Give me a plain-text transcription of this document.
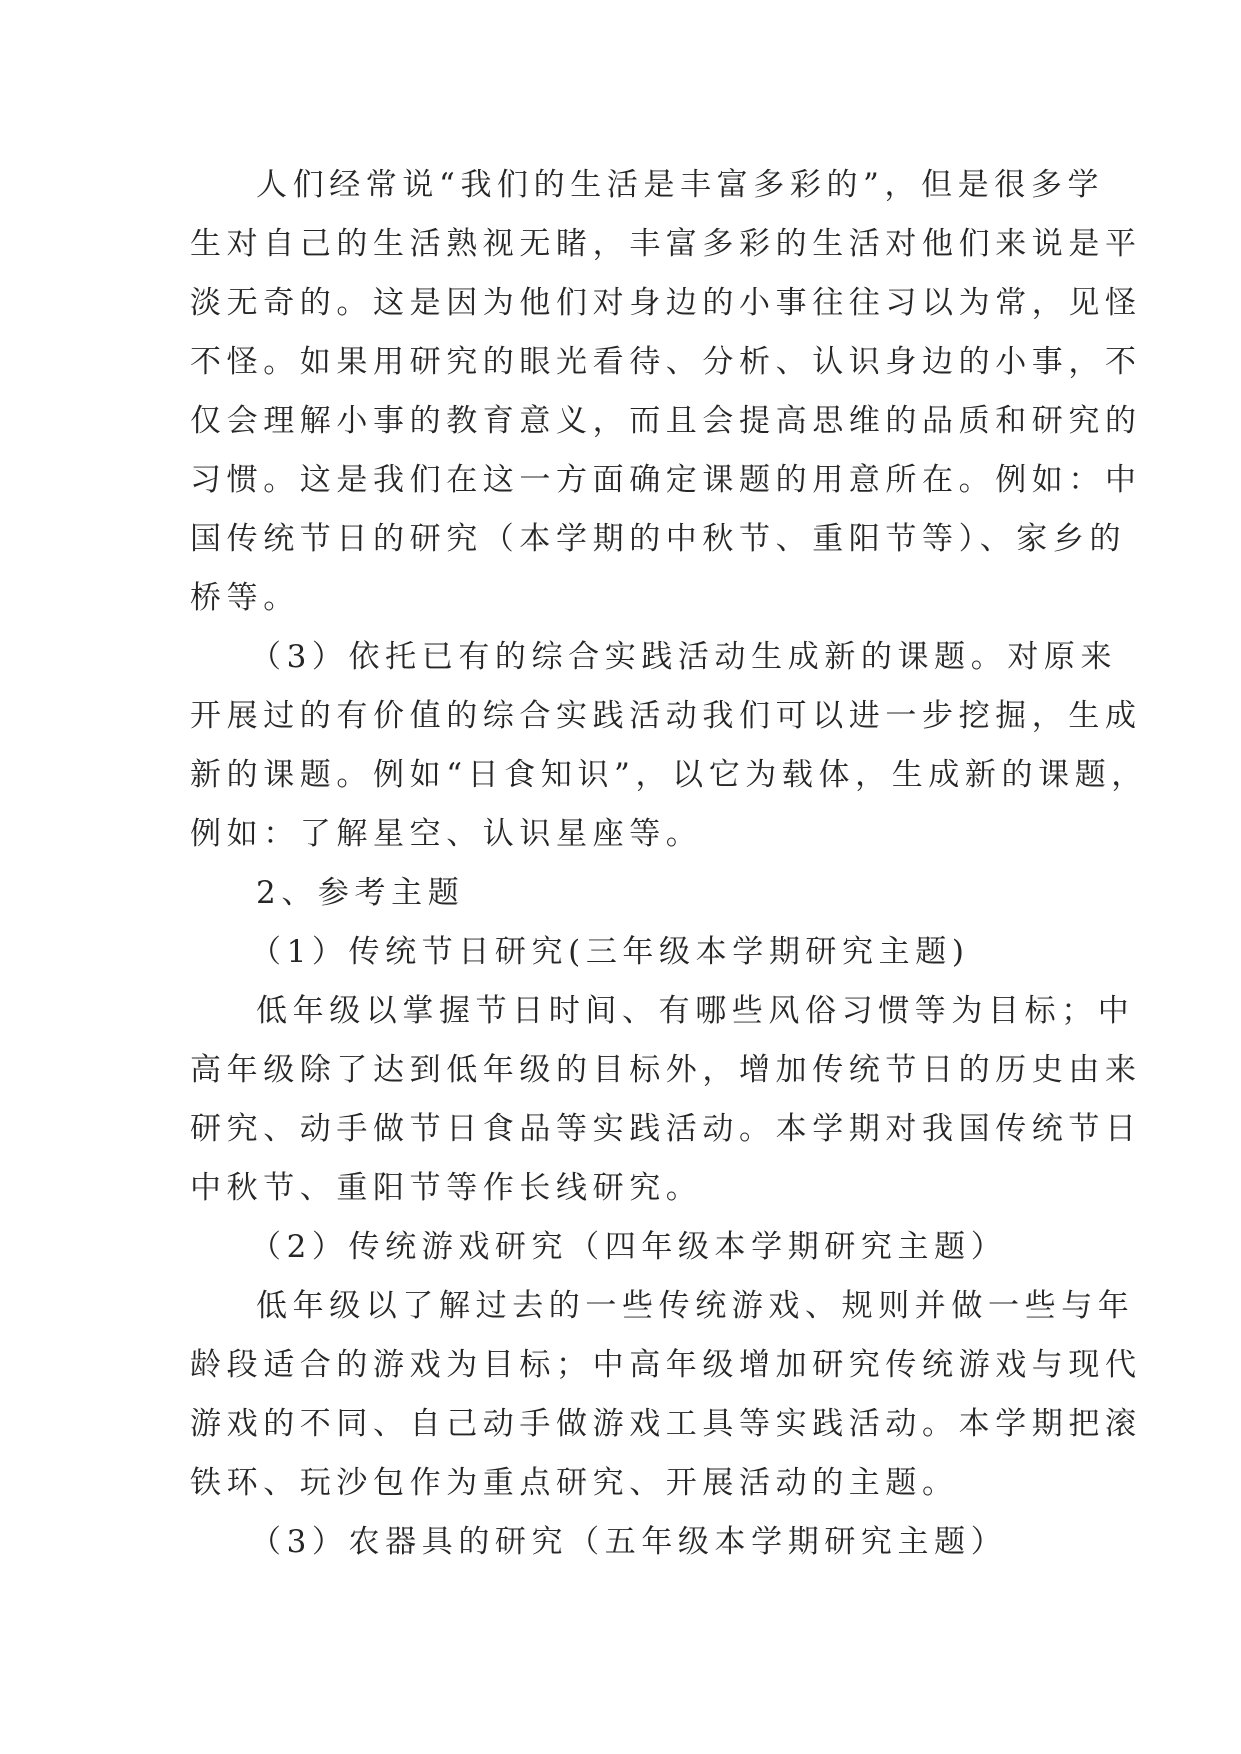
人们经常说“我们的生活是丰富多彩的”，但是很多学
生对自己的生活熟视无睹，丰富多彩的生活对他们来说是平
淡无奇的。这是因为他们对身边的小事往往习以为常，见怪
不怪。如果用研究的眼光看待、分析、认识身边的小事，不
仅会理解小事的教育意义，而且会提高思维的品质和研究的
习惯。这是我们在这一方面确定课题的用意所在。例如：中
国传统节日的研究（本学期的中秋节、重阳节等）、家乡的
桥等。
（3）依托已有的综合实践活动生成新的课题。对原来
开展过的有价值的综合实践活动我们可以进一步挖掘，生成
新的课题。例如“日食知识”，以它为载体，生成新的课题，
例如：了解星空、认识星座等。
2、参考主题
（1）传统节日研究(三年级本学期研究主题)
低年级以掌握节日时间、有哪些风俗习惯等为目标；中
高年级除了达到低年级的目标外，增加传统节日的历史由来
研究、动手做节日食品等实践活动。本学期对我国传统节日
中秋节、重阳节等作长线研究。
（2）传统游戏研究（四年级本学期研究主题）
低年级以了解过去的一些传统游戏、规则并做一些与年
龄段适合的游戏为目标；中高年级增加研究传统游戏与现代
游戏的不同、自己动手做游戏工具等实践活动。本学期把滚
铁环、玩沙包作为重点研究、开展活动的主题。
（3）农器具的研究（五年级本学期研究主题）
